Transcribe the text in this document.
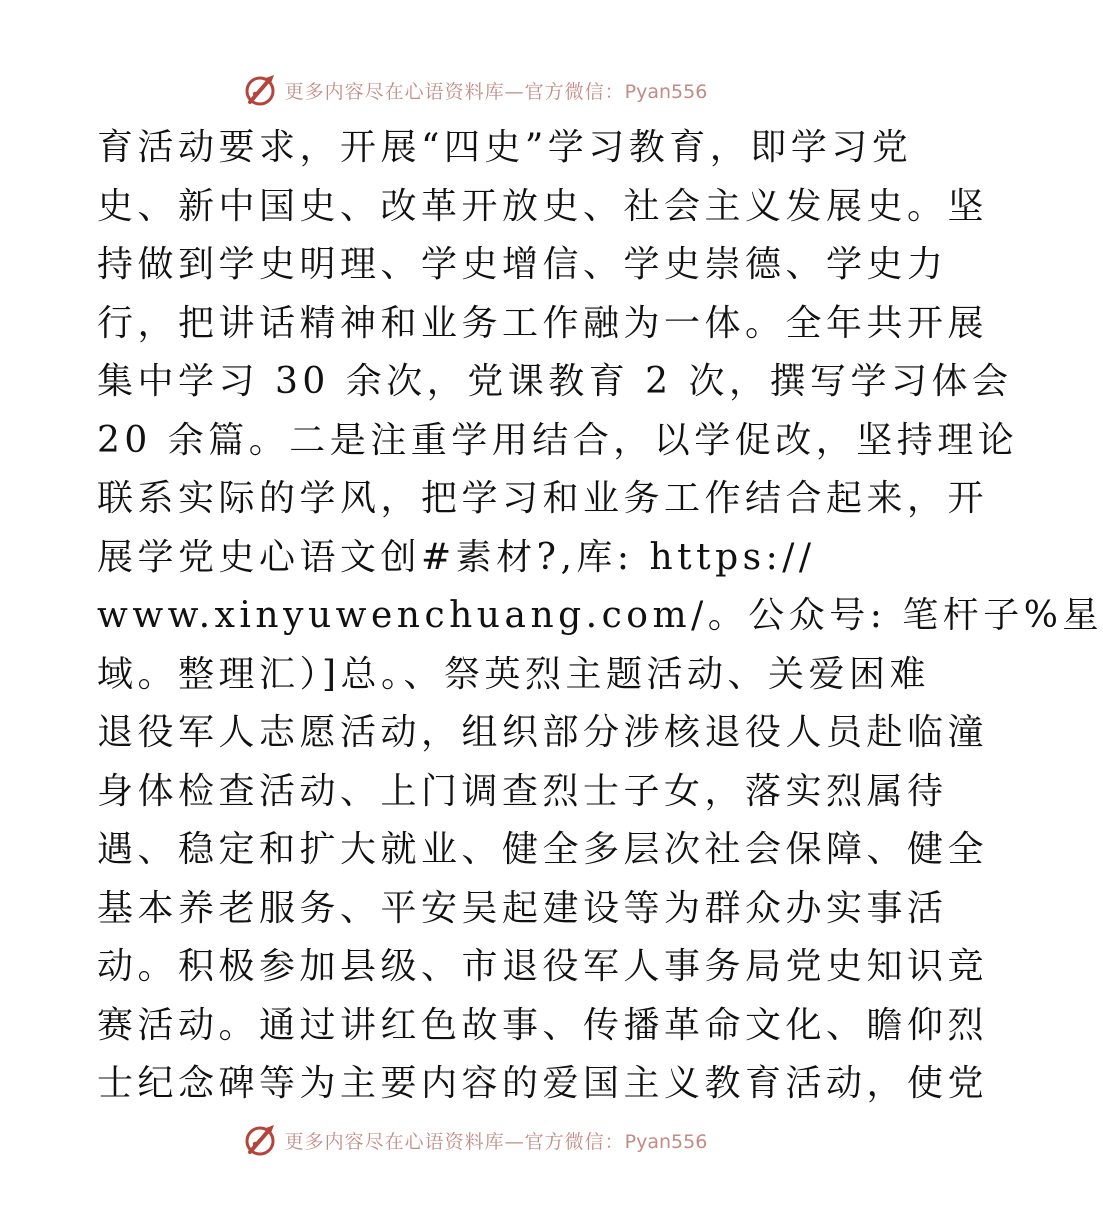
更多内容尽在心语资料库—官方微信：Pyan556
育活动要求，开展“四史”学习教育，即学习党
史、新中国史、改革开放史、社会主义发展史。坚
持做到学史明理、学史增信、学史崇德、学史力
行，把讲话精神和业务工作融为一体。全年共开展
集中学习 30 余次，党课教育 2 次，撰写学习体会
20 余篇。二是注重学用结合，以学促改，坚持理论
联系实际的学风，把学习和业务工作结合起来，开
展学党史心语文创#素材?,库: https://
www.xinyuwenchuang.com/。公众号: 笔杆子%星
域。整理汇）]总。、祭英烈主题活动、关爱困难
退役军人志愿活动，组织部分涉核退役人员赴临潼
身体检查活动、上门调查烈士子女，落实烈属待
遇、稳定和扩大就业、健全多层次社会保障、健全
基本养老服务、平安吴起建设等为群众办实事活
动。积极参加县级、市退役军人事务局党史知识竞
赛活动。通过讲红色故事、传播革命文化、瞻仰烈
士纪念碑等为主要内容的爱国主义教育活动，使党
更多内容尽在心语资料库—官方微信：Pyan556
